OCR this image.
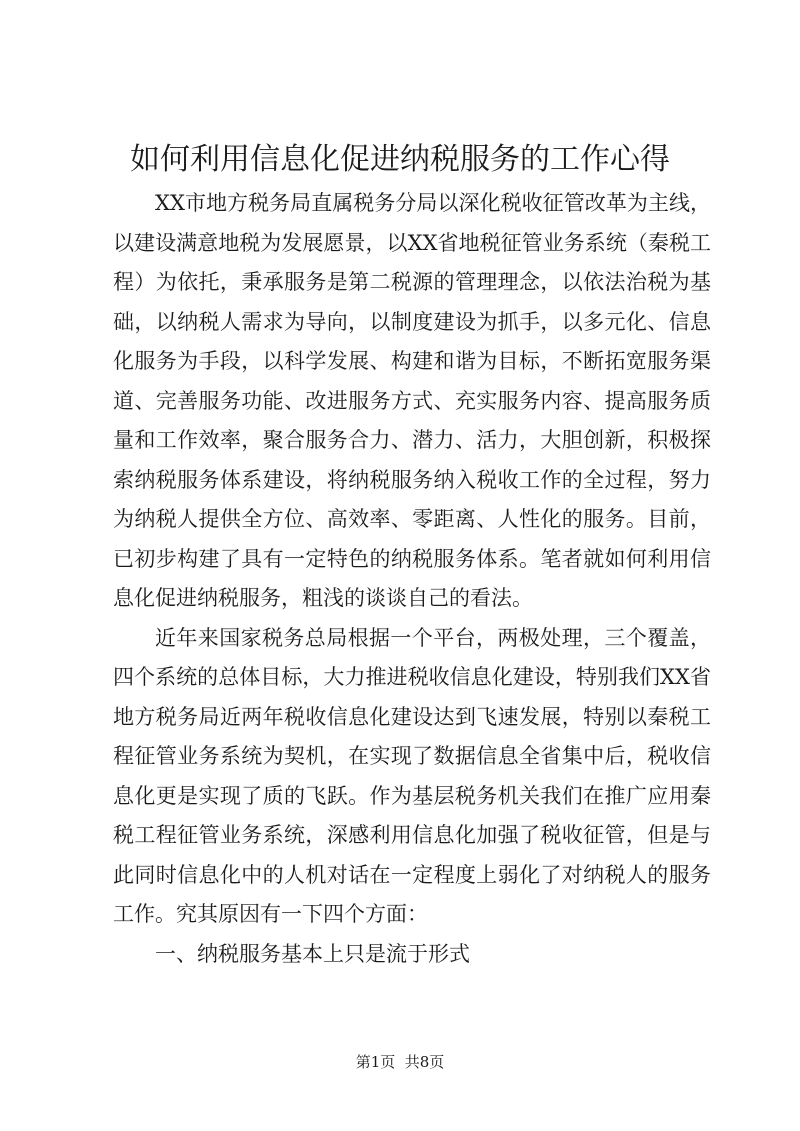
如何利用信息化促进纳税服务的工作心得

XX市地方税务局直属税务分局以深化税收征管改革为主线，以建设满意地税为发展愿景，以XX省地税征管业务系统（秦税工程）为依托，秉承服务是第二税源的管理理念，以依法治税为基础，以纳税人需求为导向，以制度建设为抓手，以多元化、信息化服务为手段，以科学发展、构建和谐为目标，不断拓宽服务渠道、完善服务功能、改进服务方式、充实服务内容、提高服务质量和工作效率，聚合服务合力、潜力、活力，大胆创新，积极探索纳税服务体系建设，将纳税服务纳入税收工作的全过程，努力为纳税人提供全方位、高效率、零距离、人性化的服务。目前，已初步构建了具有一定特色的纳税服务体系。笔者就如何利用信息化促进纳税服务，粗浅的谈谈自己的看法。

近年来国家税务总局根据一个平台，两极处理，三个覆盖，四个系统的总体目标，大力推进税收信息化建设，特别我们XX省地方税务局近两年税收信息化建设达到飞速发展，特别以秦税工程征管业务系统为契机，在实现了数据信息全省集中后，税收信息化更是实现了质的飞跃。作为基层税务机关我们在推广应用秦税工程征管业务系统，深感利用信息化加强了税收征管，但是与此同时信息化中的人机对话在一定程度上弱化了对纳税人的服务工作。究其原因有一下四个方面：

一、纳税服务基本上只是流于形式

第1页  共8页
